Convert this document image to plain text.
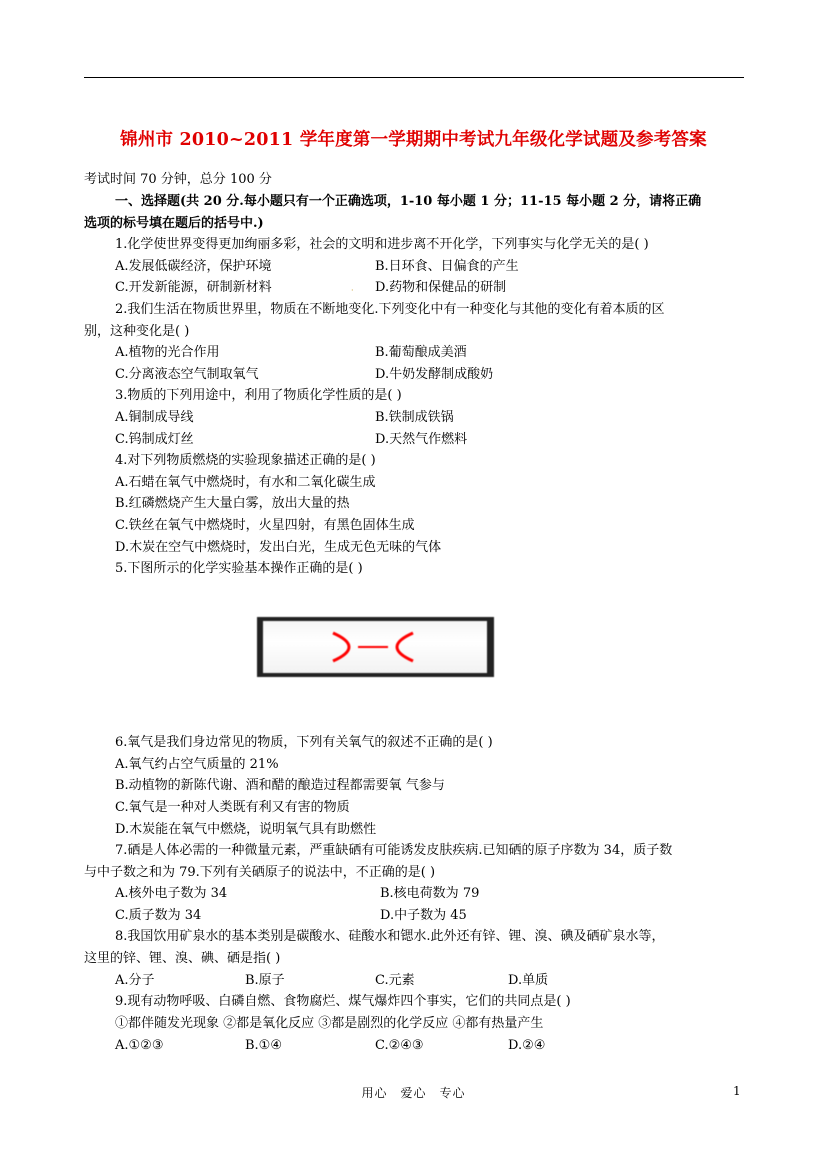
锦州市 2010~2011 学年度第一学期期中考试九年级化学试题及参考答案
考试时间 70 分钟，总分 100 分
一、选择题(共 20 分.每小题只有一个正确选项，1-10 每小题 1 分；11-15 每小题 2 分，请将正确
选项的标号填在题后的括号中.)
1.化学使世界变得更加绚丽多彩，社会的文明和进步离不开化学，下列事实与化学无关的是( )
A.发展低碳经济，保护环境	B.日环食、日偏食的产生
C.开发新能源，研制新材料	D.药物和保健品的研制
·
2.我们生活在物质世界里，物质在不断地变化.下列变化中有一种变化与其他的变化有着本质的区
别，这种变化是( )
A.植物的光合作用	B.葡萄酿成美酒
C.分离液态空气制取氧气	D.牛奶发酵制成酸奶
3.物质的下列用途中，利用了物质化学性质的是( )
A.铜制成导线	B.铁制成铁锅
C.钨制成灯丝	D.天然气作燃料
4.对下列物质燃烧的实验现象描述正确的是( )
A.石蜡在氧气中燃烧时，有水和二氧化碳生成
B.红磷燃烧产生大量白雾，放出大量的热
C.铁丝在氧气中燃烧时，火星四射，有黑色固体生成
D.木炭在空气中燃烧时，发出白光，生成无色无味的气体
5.下图所示的化学实验基本操作正确的是( )
6.氧气是我们身边常见的物质，下列有关氧气的叙述不正确的是( )
A.氧气约占空气质量的 21%
B.动植物的新陈代谢、酒和醋的酿造过程都需要氧 气参与
C.氧气是一种对人类既有利又有害的物质
D.木炭能在氧气中燃烧，说明氧气具有助燃性
7.硒是人体必需的一种微量元素，严重缺硒有可能诱发皮肤疾病.已知硒的原子序数为 34，质子数
与中子数之和为 79.下列有关硒原子的说法中，不正确的是( )
A.核外电子数为 34	B.核电荷数为 79
C.质子数为 34	D.中子数为 45
8.我国饮用矿泉水的基本类别是碳酸水、硅酸水和锶水.此外还有锌、锂、溴、碘及硒矿泉水等，
这里的锌、锂、溴、碘、硒是指( )
A.分子	B.原子	C.元素	D.单质
9.现有动物呼吸、白磷自燃、食物腐烂、煤气爆炸四个事实，它们的共同点是( )
①都伴随发光现象 ②都是氧化反应 ③都是剧烈的化学反应 ④都有热量产生
A.①②③	B.①④	C.②④③	D.②④
用心　爱心　专心	1
